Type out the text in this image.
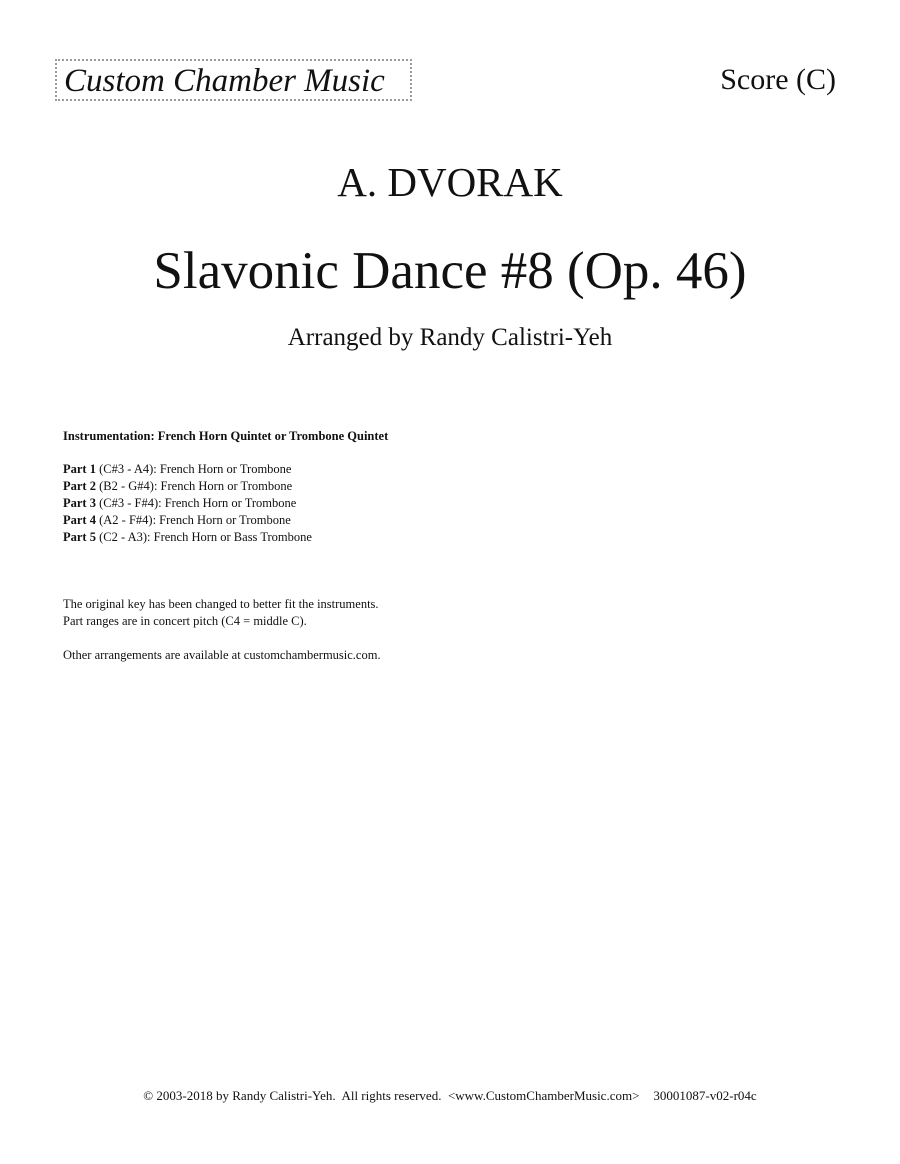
Custom Chamber Music	Score (C)
A. DVORAK
Slavonic Dance #8 (Op. 46)
Arranged by Randy Calistri-Yeh
Instrumentation: French Horn Quintet or Trombone Quintet
Part 1 (C#3 - A4): French Horn or Trombone
Part 2 (B2 - G#4): French Horn or Trombone
Part 3 (C#3 - F#4): French Horn or Trombone
Part 4 (A2 - F#4): French Horn or Trombone
Part 5 (C2 - A3): French Horn or Bass Trombone
The original key has been changed to better fit the instruments.
Part ranges are in concert pitch (C4 = middle C).
Other arrangements are available at customchambermusic.com.
© 2003-2018 by Randy Calistri-Yeh.  All rights reserved.  <www.CustomChamberMusic.com> 30001087-v02-r04c
